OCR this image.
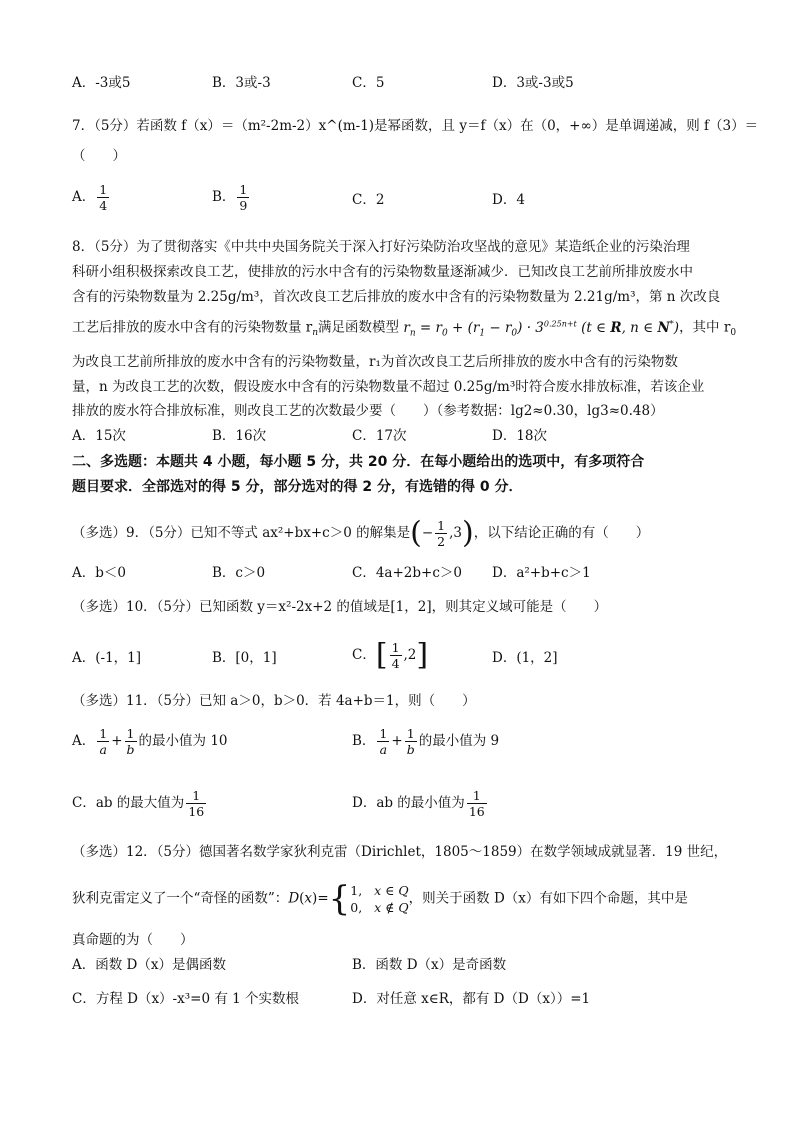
A．-3或5	B．3或-3	C．5	D．3或-3或5
7．（5分）若函数 f（x）＝（m²-2m-2）x^(m-1)是幂函数，且 y＝f（x）在（0，+∞）是单调递减，则 f（3）＝
（　　）
A． $\frac{1}{4}$	B． $\frac{1}{9}$	C．2	D．4
8．（5分）为了贯彻落实《中共中央国务院关于深入打好污染防治攻坚战的意见》某造纸企业的污染治理
科研小组积极探索改良工艺，使排放的污水中含有的污染物数量逐渐减少．已知改良工艺前所排放废水中
含有的污染物数量为 2.25g/m³，首次改良工艺后排放的废水中含有的污染物数量为 2.21g/m³，第 n 次改良
工艺后排放的废水中含有的污染物数量 $r_n$满足函数模型 $r_n = r_0 + (r_1 - r_0) \cdot 3^{0.25n+t}$ (t ∈ R, n ∈ N*)，其中 $r_0$
为改良工艺前所排放的废水中含有的污染物数量，r₁为首次改良工艺后所排放的废水中含有的污染物数
量，n 为改良工艺的次数，假设废水中含有的污染物数量不超过 0.25g/m³时符合废水排放标准，若该企业
排放的废水符合排放标准，则改良工艺的次数最少要（　　）（参考数据：lg2≈0.30，lg3≈0.48）
A．15次	B．16次	C．17次	D．18次
二、多选题：本题共 4 小题，每小题 5 分，共 20 分．在每小题给出的选项中，有多项符合
题目要求．全部选对的得 5 分，部分选对的得 2 分，有选错的得 0 分．
（多选）9．（5分）已知不等式 ax²+bx+c＞0 的解集是(− $\frac{1}{2} ,3$)，以下结论正确的有（　　）
A．b＜0	B．c＞0	C．4a+2b+c＞0 D．a²+b+c＞1
（多选）10．（5分）已知函数 y＝x²-2x+2 的值域是[1，2]，则其定义域可能是（　　）
A．(-1，1]	B．[0，1]	C．[ $\frac{1}{4} ,2$]	D．(1，2]
（多选）11．（5分）已知 a＞0，b＞0．若 4a+b＝1，则（　　）
A． $\frac{1}{a} + \frac{1}{b}$ 的最小值为 10	B． $\frac{1}{a} + \frac{1}{b}$ 的最小值为 9
C．ab 的最大值为 $\frac{1}{16}$	D．ab 的最小值为 $\frac{1}{16}$
（多选）12．（5分）德国著名数学家狄利克雷（Dirichlet，1805～1859）在数学领域成就显著．19 世纪，
狄利克雷定义了一个“奇怪的函数”：D(x)={ 1,   x ∈ Q
0,   x ∉ Q
，则关于函数 D（x）有如下四个命题，其中是
真命题的为（　　）
A．函数 D（x）是偶函数	B．函数 D（x）是奇函数
C．方程 D（x）-x³=0 有 1 个实数根	D．对任意 x∈R，都有 D（D（x））=1
